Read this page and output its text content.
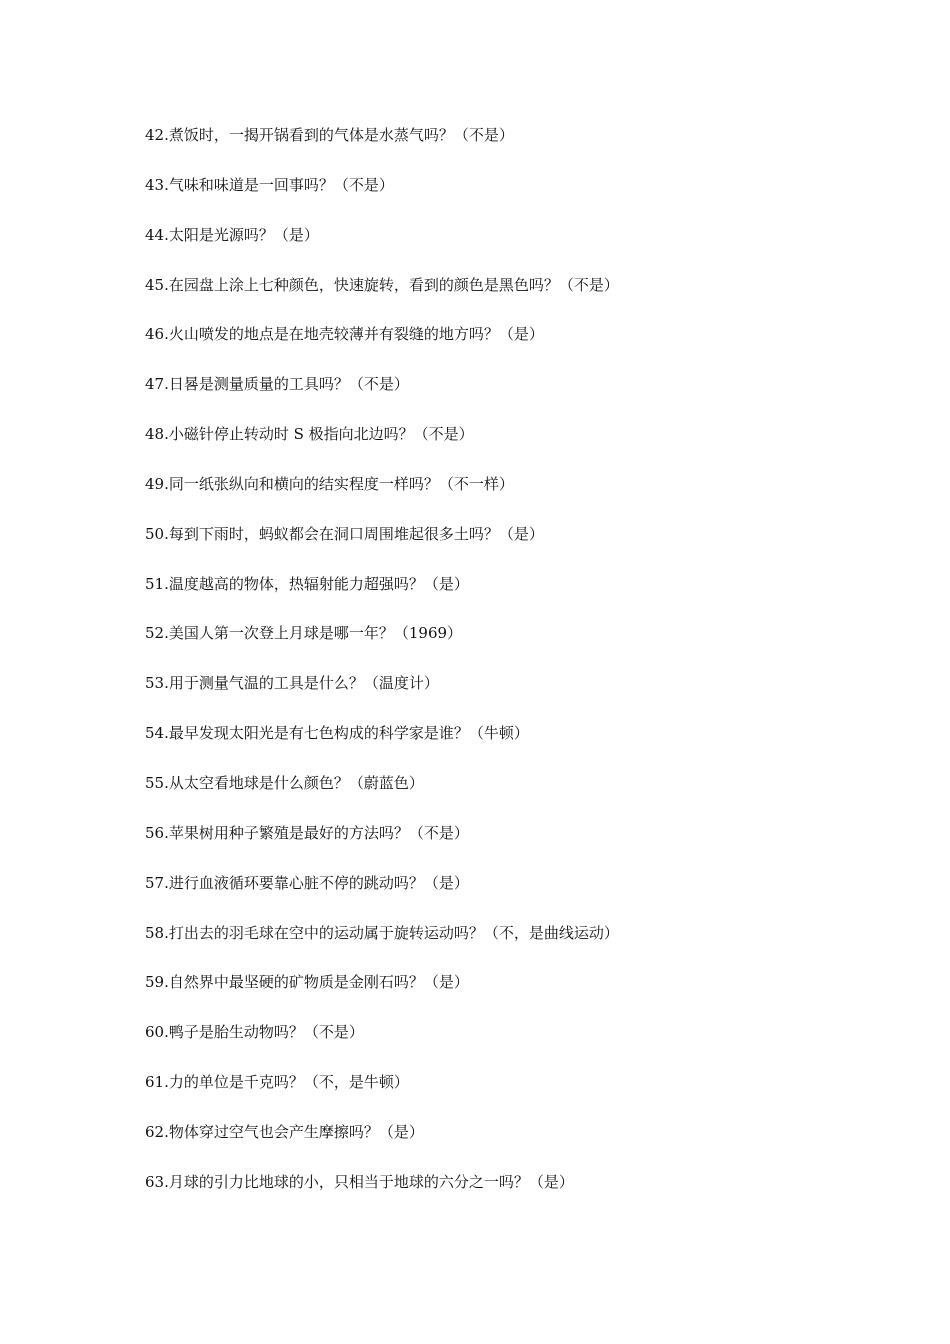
42.煮饭时，一揭开锅看到的气体是水蒸气吗？（不是）
43.气味和味道是一回事吗？（不是）
44.太阳是光源吗？（是）
45.在园盘上涂上七种颜色，快速旋转，看到的颜色是黑色吗？（不是）
46.火山喷发的地点是在地壳较薄并有裂缝的地方吗？（是）
47.日晷是测量质量的工具吗？（不是）
48.小磁针停止转动时 S 极指向北边吗？（不是）
49.同一纸张纵向和横向的结实程度一样吗？（不一样）
50.每到下雨时，蚂蚁都会在洞口周围堆起很多土吗？（是）
51.温度越高的物体，热辐射能力超强吗？（是）
52.美国人第一次登上月球是哪一年？（1969）
53.用于测量气温的工具是什么？（温度计）
54.最早发现太阳光是有七色构成的科学家是谁？（牛顿）
55.从太空看地球是什么颜色？（蔚蓝色）
56.苹果树用种子繁殖是最好的方法吗？（不是）
57.进行血液循环要靠心脏不停的跳动吗？（是）
58.打出去的羽毛球在空中的运动属于旋转运动吗？（不，是曲线运动）
59.自然界中最坚硬的矿物质是金刚石吗？（是）
60.鸭子是胎生动物吗？（不是）
61.力的单位是千克吗？（不，是牛顿）
62.物体穿过空气也会产生摩擦吗？（是）
63.月球的引力比地球的小，只相当于地球的六分之一吗？（是）
